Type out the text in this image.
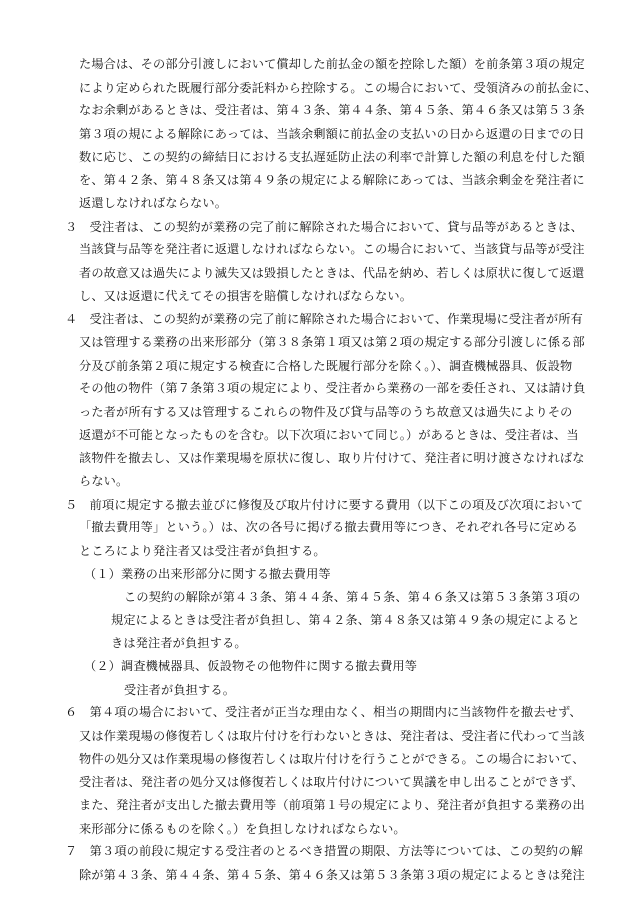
た場合は、その部分引渡しにおいて償却した前払金の額を控除した額）を前条第３項の規定
により定められた既履行部分委託料から控除する。この場合において、受領済みの前払金に、
なお余剰があるときは、受注者は、第４３条、第４４条、第４５条、第４６条又は第５３条
第３項の規による解除にあっては、当該余剰額に前払金の支払いの日から返還の日までの日
数に応じ、この契約の締結日における支払遅延防止法の利率で計算した額の利息を付した額
を、第４２条、第４８条又は第４９条の規定による解除にあっては、当該余剰金を発注者に
返還しなければならない。
３　受注者は、この契約が業務の完了前に解除された場合において、貸与品等があるときは、
当該貸与品等を発注者に返還しなければならない。この場合において、当該貸与品等が受注
者の故意又は過失により滅失又は毀損したときは、代品を納め、若しくは原状に復して返還
し、又は返還に代えてその損害を賠償しなければならない。
４　受注者は、この契約が業務の完了前に解除された場合において、作業現場に受注者が所有
又は管理する業務の出来形部分（第３８条第１項又は第２項の規定する部分引渡しに係る部
分及び前条第２項に規定する検査に合格した既履行部分を除く。）、調査機械器具、仮設物
その他の物件（第７条第３項の規定により、受注者から業務の一部を委任され、又は請け負
った者が所有する又は管理するこれらの物件及び貸与品等のうち故意又は過失によりその
返還が不可能となったものを含む。以下次項において同じ。）があるときは、受注者は、当
該物件を撤去し、又は作業現場を原状に復し、取り片付けて、発注者に明け渡さなければな
らない。
５　前項に規定する撤去並びに修復及び取片付けに要する費用（以下この項及び次項において
「撤去費用等」という。）は、次の各号に掲げる撤去費用等につき、それぞれ各号に定める
ところにより発注者又は受注者が負担する。
（１）業務の出来形部分に関する撤去費用等
この契約の解除が第４３条、第４４条、第４５条、第４６条又は第５３条第３項の
規定によるときは受注者が負担し、第４２条、第４８条又は第４９条の規定によると
きは発注者が負担する。
（２）調査機械器具、仮設物その他物件に関する撤去費用等
受注者が負担する。
６　第４項の場合において、受注者が正当な理由なく、相当の期間内に当該物件を撤去せず、
又は作業現場の修復若しくは取片付けを行わないときは、発注者は、受注者に代わって当該
物件の処分又は作業現場の修復若しくは取片付けを行うことができる。この場合において、
受注者は、発注者の処分又は修復若しくは取片付けについて異議を申し出ることができず、
また、発注者が支出した撤去費用等（前項第１号の規定により、発注者が負担する業務の出
来形部分に係るものを除く。）を負担しなければならない。
７　第３項の前段に規定する受注者のとるべき措置の期限、方法等については、この契約の解
除が第４３条、第４４条、第４５条、第４６条又は第５３条第３項の規定によるときは発注
